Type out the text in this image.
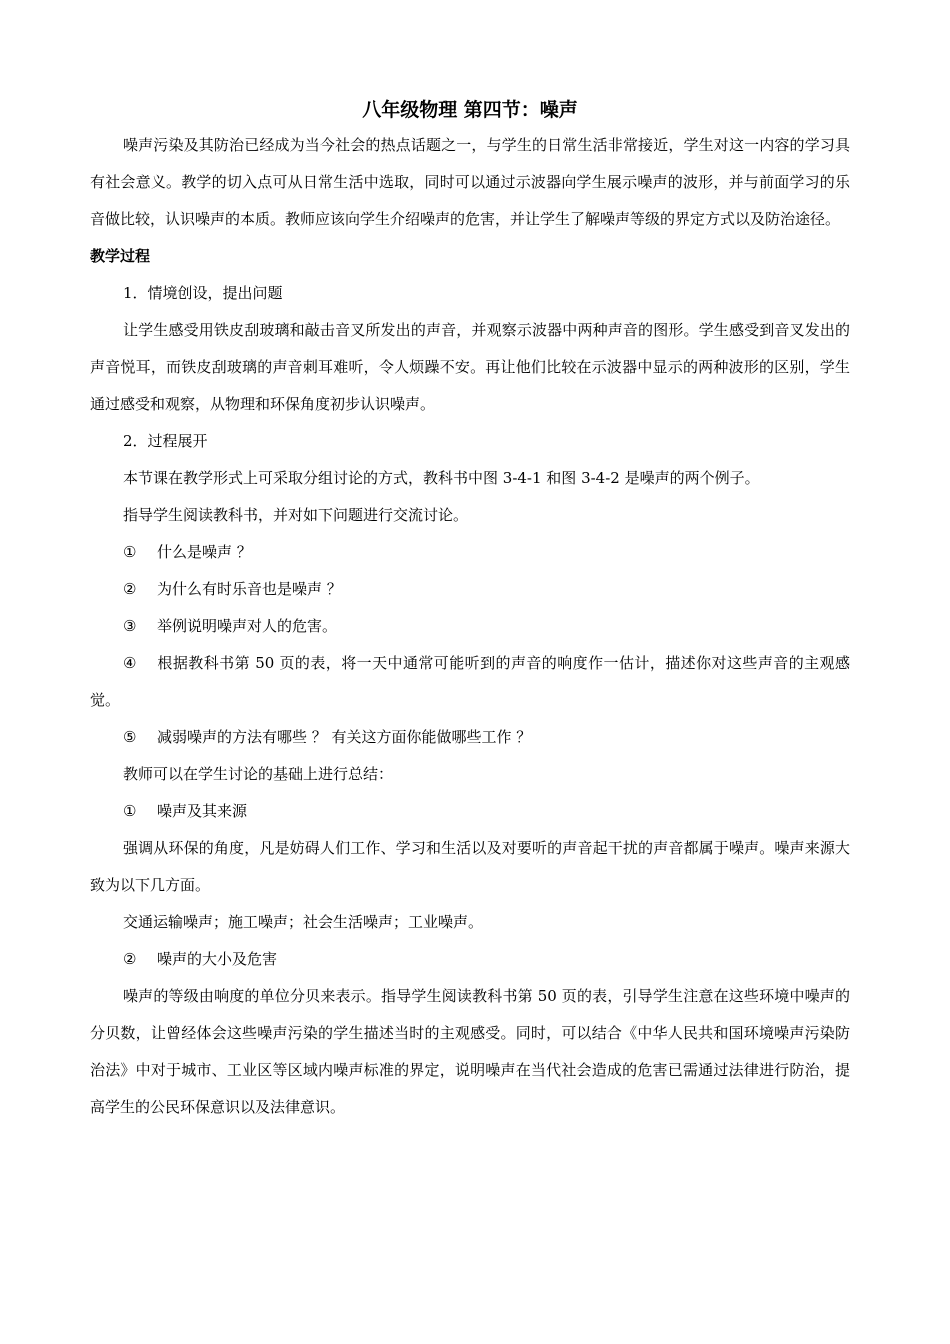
八年级物理 第四节：噪声

噪声污染及其防治已经成为当今社会的热点话题之一，与学生的日常生活非常接近，学生对这一内容的学习具有社会意义。教学的切入点可从日常生活中选取，同时可以通过示波器向学生展示噪声的波形，并与前面学习的乐音做比较，认识噪声的本质。教师应该向学生介绍噪声的危害，并让学生了解噪声等级的界定方式以及防治途径。

教学过程

1．情境创设，提出问题

让学生感受用铁皮刮玻璃和敲击音叉所发出的声音，并观察示波器中两种声音的图形。学生感受到音叉发出的声音悦耳，而铁皮刮玻璃的声音刺耳难听，令人烦躁不安。再让他们比较在示波器中显示的两种波形的区别，学生通过感受和观察，从物理和环保角度初步认识噪声。

2．过程展开

本节课在教学形式上可采取分组讨论的方式，教科书中图 3-4-1 和图 3-4-2 是噪声的两个例子。

指导学生阅读教科书，并对如下问题进行交流讨论。

① 什么是噪声 ？

② 为什么有时乐音也是噪声 ？

③ 举例说明噪声对人的危害。

④ 根据教科书第 50 页的表，将一天中通常可能听到的声音的响度作一估计，描述你对这些声音的主观感觉。

⑤ 减弱噪声的方法有哪些 ？ 有关这方面你能做哪些工作 ？

教师可以在学生讨论的基础上进行总结：

① 噪声及其来源

强调从环保的角度，凡是妨碍人们工作、学习和生活以及对要听的声音起干扰的声音都属于噪声。噪声来源大致为以下几方面。

交通运输噪声；施工噪声；社会生活噪声；工业噪声。

② 噪声的大小及危害

噪声的等级由响度的单位分贝来表示。指导学生阅读教科书第 50 页的表，引导学生注意在这些环境中噪声的分贝数，让曾经体会这些噪声污染的学生描述当时的主观感受。同时，可以结合《中华人民共和国环境噪声污染防治法》中对于城市、工业区等区域内噪声标准的界定，说明噪声在当代社会造成的危害已需通过法律进行防治，提高学生的公民环保意识以及法律意识。
